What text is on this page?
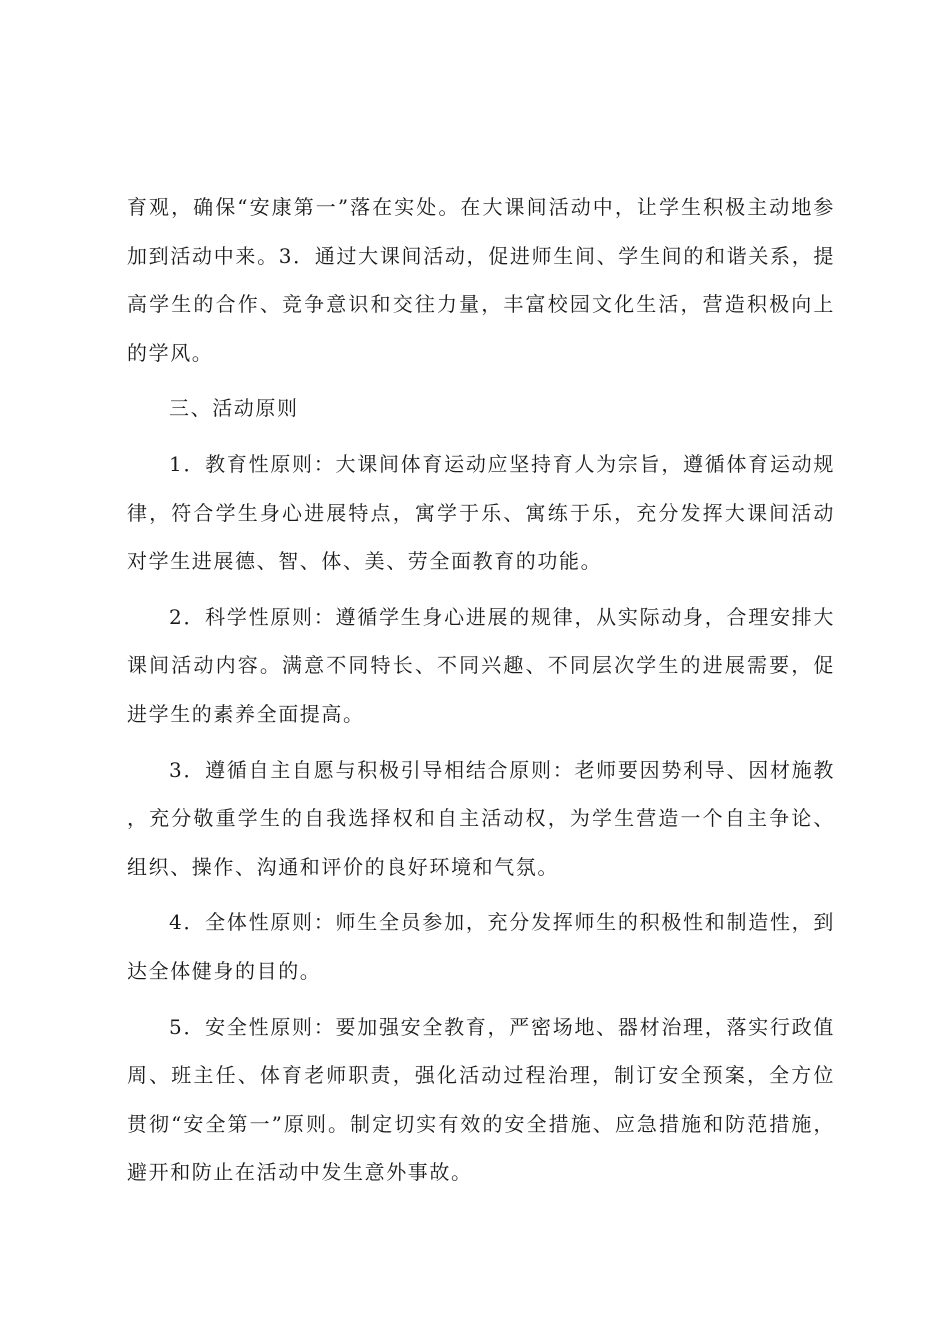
育观，确保“安康第一”落在实处。在大课间活动中，让学生积极主动地参加到活动中来。3．通过大课间活动，促进师生间、学生间的和谐关系，提高学生的合作、竞争意识和交往力量，丰富校园文化生活，营造积极向上的学风。

三、活动原则

1．教育性原则：大课间体育运动应坚持育人为宗旨，遵循体育运动规律，符合学生身心进展特点，寓学于乐、寓练于乐，充分发挥大课间活动对学生进展德、智、体、美、劳全面教育的功能。

2．科学性原则：遵循学生身心进展的规律，从实际动身，合理安排大课间活动内容。满意不同特长、不同兴趣、不同层次学生的进展需要，促进学生的素养全面提高。

3．遵循自主自愿与积极引导相结合原则：老师要因势利导、因材施教，充分敬重学生的自我选择权和自主活动权，为学生营造一个自主争论、组织、操作、沟通和评价的良好环境和气氛。

4．全体性原则：师生全员参加，充分发挥师生的积极性和制造性，到达全体健身的目的。

5．安全性原则：要加强安全教育，严密场地、器材治理，落实行政值周、班主任、体育老师职责，强化活动过程治理，制订安全预案，全方位贯彻“安全第一”原则。制定切实有效的安全措施、应急措施和防范措施，避开和防止在活动中发生意外事故。
